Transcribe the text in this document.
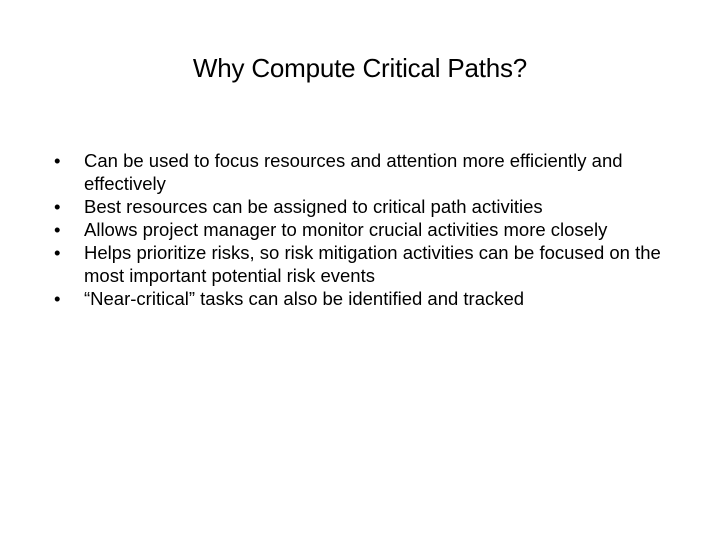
Why Compute Critical Paths?
•	Can be used to focus resources and attention more efficiently and effectively
•	Best resources can be assigned to critical path activities
•	Allows project manager to monitor crucial activities more closely
•	Helps prioritize risks, so risk mitigation activities can be focused on the most important potential risk events
•	“Near-critical” tasks can also be identified and tracked
